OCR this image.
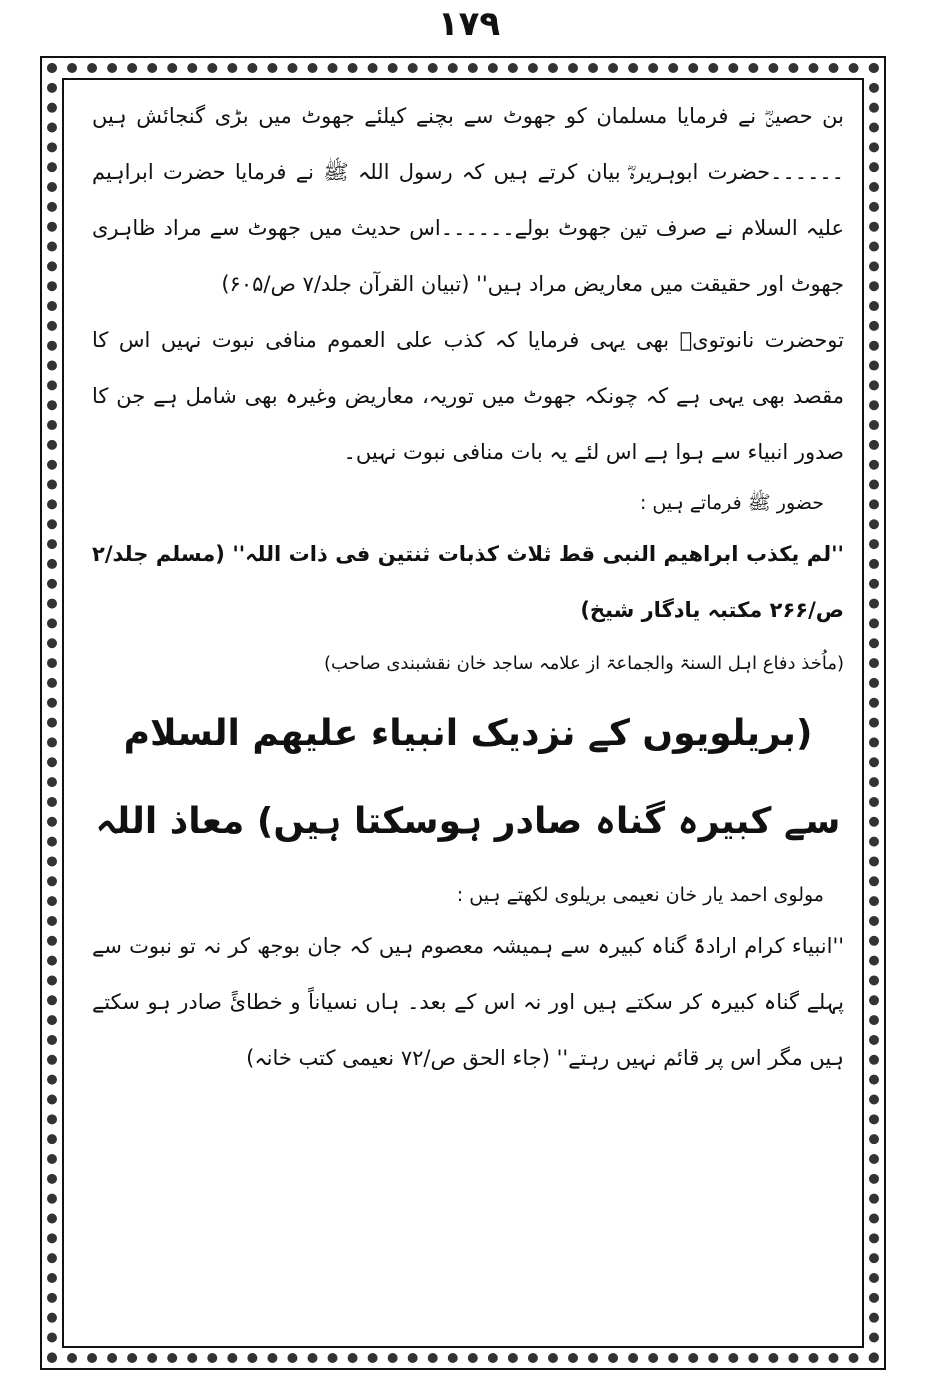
۱۷۹

بن حصینؓ نے فرمایا مسلمان کو جھوٹ سے بچنے کیلئے جھوٹ میں بڑی گنجائش ہیں ۔۔۔۔۔۔حضرت ابوہریرہؓ بیان کرتے ہیں کہ رسول اللہ ﷺ نے فرمایا حضرت ابراہیم علیہ السلام نے صرف تین جھوٹ بولے۔۔۔۔۔۔اس حدیث میں جھوٹ سے مراد ظاہری جھوٹ اور حقیقت میں معاریض مراد ہیں'' (تبیان القرآن جلد/۷ ص/۶۰۵)

توحضرت نانوتویؒ بھی یہی فرمایا کہ کذب علی العموم منافی نبوت نہیں اس کا مقصد بھی یہی ہے کہ چونکہ جھوٹ میں توریہ، معاریض وغیرہ بھی شامل ہے جن کا صدور انبیاء سے ہوا ہے اس لئے یہ بات منافی نبوت نہیں۔

حضور ﷺ فرماتے ہیں :

''لم یکذب ابراھیم النبی قط ثلاث کذبات ثنتین فی ذات اللہ'' (مسلم جلد/۲ ص/۲۶۶ مکتبہ یادگار شیخ)

(ماُخذ دفاع اہل السنۃ والجماعۃ از علامہ ساجد خان نقشبندی صاحب)

(بریلویوں کے نزدیک انبیاء علیھم السلام سے کبیرہ گناہ صادر ہوسکتا ہیں) معاذ اللہ

مولوی احمد یار خان نعیمی بریلوی لکھتے ہیں :

''انبیاء کرام ارادۃً گناہ کبیرہ سے ہمیشہ معصوم ہیں کہ جان بوجھ کر نہ تو نبوت سے پہلے گناہ کبیرہ کر سکتے ہیں اور نہ اس کے بعد۔ ہاں نسیاناً و خطائً صادر ہو سکتے ہیں مگر اس پر قائم نہیں رہتے'' (جاء الحق ص/۷۲ نعیمی کتب خانہ)
